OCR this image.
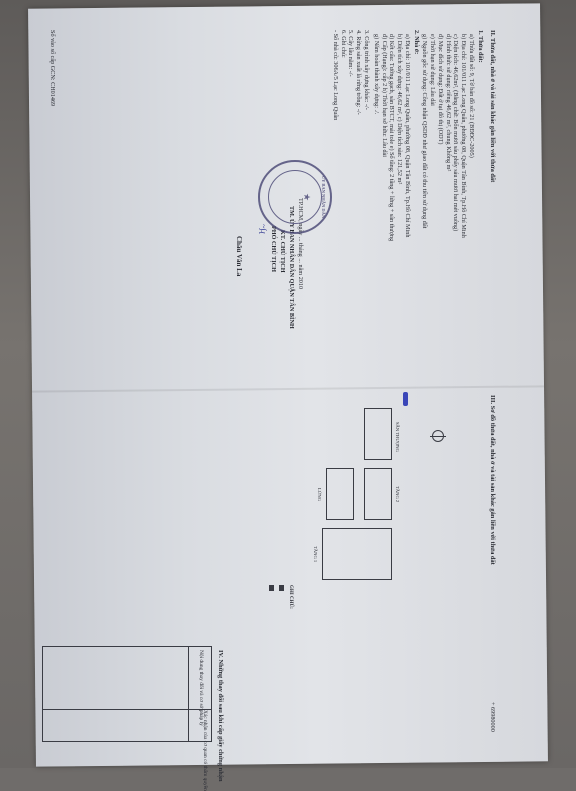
II. Thửa đất, nhà ở và tài sản khác gắn liền với thửa đất
1. Thửa đất:
a) Thửa đất số: 9, Tờ bản đồ số: 21 (BĐĐC-2005)
b) Địa chỉ: 101/011 Lạc Long Quân, phường 08, Quận Tân Bình, Tp.Hồ Chí Minh
c) Diện tích: 46,62m², (Bằng chữ: Bốn mươi sáu phẩy sáu mươi hai mét vuông)
d) Hình thức sử dụng: riêng 46,62 m², chung Không m²
đ) Mục đích sử dụng: Đất ở tại đô thị (ODT)
e) Thời hạn sử dụng: Lâu dài
g) Nguồn gốc sử dụng: Công nhận QSDĐ như giao đất có thu tiền sử dụng đất
2. Nhà ở:
a) Địa chỉ: 101/011 Lạc Long Quân, phường 08, Quận Tân Bình, Tp.Hồ Chí Minh
b) Diện tích xây dựng: 46,62 m², c) Diện tích sàn: 121,52 m²
d) Kết cấu: Tường gạch, sàn BTCT, mái tole e) Số tầng: 2 tầng + lửng + sân thượng
đ) Cấp (Hạng): cấp 2 h) Thời hạn sở hữu: Lâu dài
g) Năm hoàn thành xây dựng: ./.
3. Công trình xây dựng khác: -/-
4. Rừng sản xuất là rừng trồng: -/-
5. Cây lâu năm: -/-
6. Ghi chú:
- Số nhà cũ: 306A/5 Lạc Long Quân
TP.HCM, ngày ... tháng ... năm 2010
TM. ỦY BAN NHÂN DÂN QUẬN TÂN BÌNH
KT. CHỦ TỊCH
PHÓ CHỦ TỊCH
ỦY BAN NHÂN DÂN
★
~∫ɻ
Châu Văn La
Số vào sổ cấp GCN: CH01469
III. Sơ đồ thửa đất, nhà ở và tài sản khác gắn liền với thửa đất
+ 69980000
SÂN THƯỢNG
TẦNG 2
LỬNG
TẦNG 1
GHI CHÚ:
IV. Những thay đổi sau khi cấp giấy chứng nhận
Nội dung thay đổi và cơ sở pháp lý
Xác nhận của cơ quan có thẩm quyền
